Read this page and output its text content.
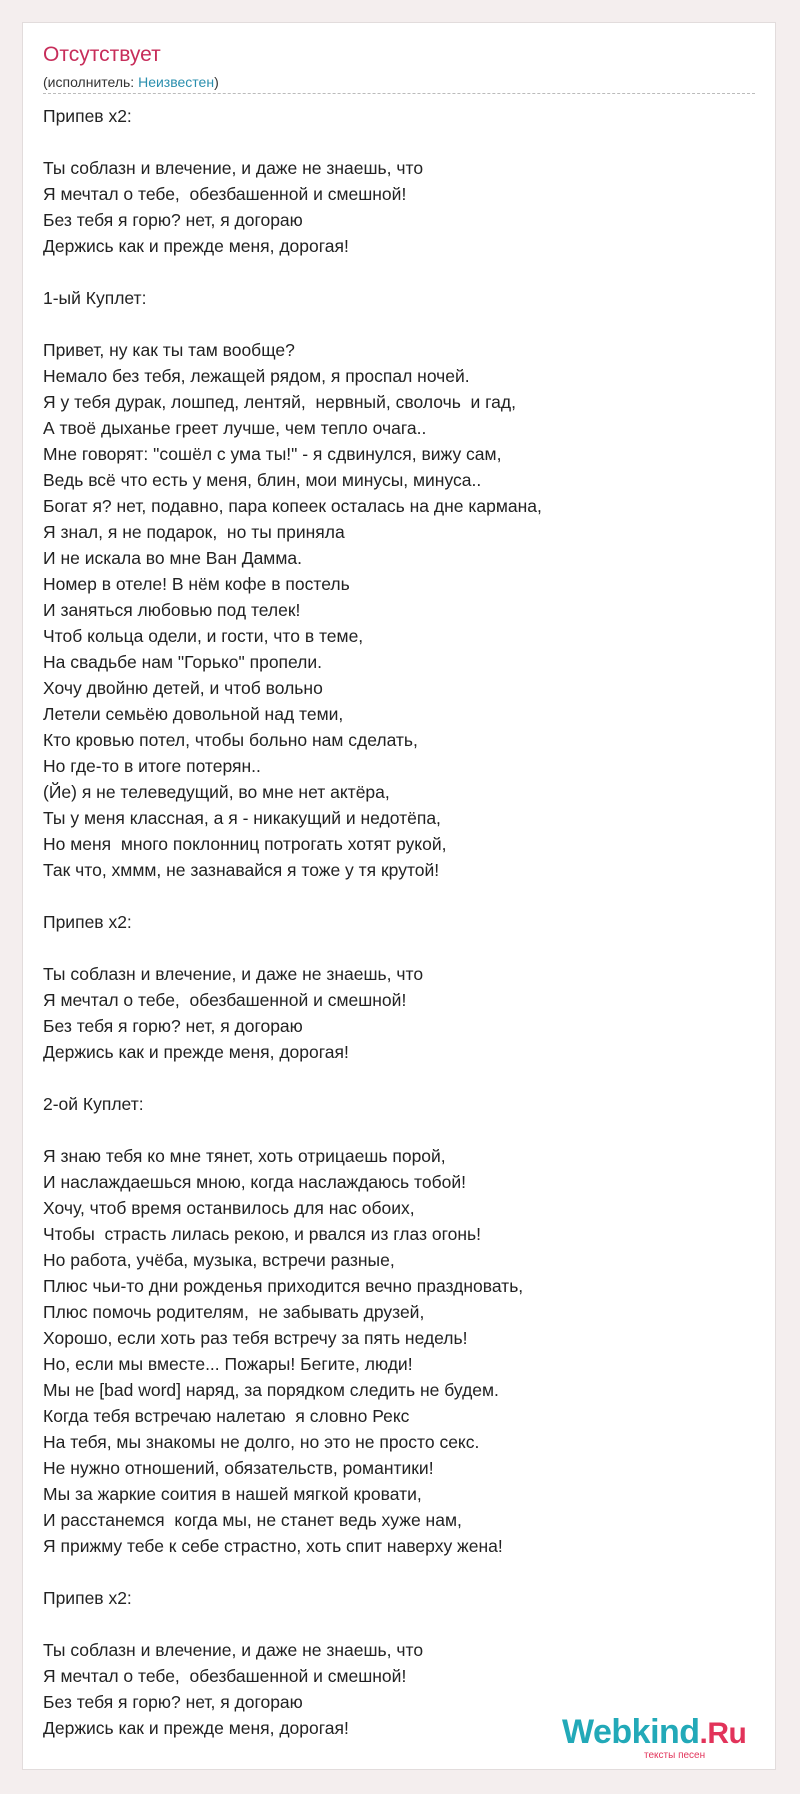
Отсутствует
(исполнитель: Неизвестен)
Припев х2:

Ты соблазн и влечение, и даже не знаешь, что
Я мечтал о тебе,  обезбашенной и смешной!
Без тебя я горю? нет, я догораю
Держись как и прежде меня, дорогая!

1-ый Куплет:

Привет, ну как ты там вообще?
Немало без тебя, лежащей рядом, я проспал ночей.
Я у тебя дурак, лошпед, лентяй,  нервный, сволочь  и гад,
А твоё дыханье греет лучше, чем тепло очага..
Мне говорят: "сошёл с ума ты!" - я сдвинулся, вижу сам,
Ведь всё что есть у меня, блин, мои минусы, минуса..
Богат я? нет, подавно, пара копеек осталась на дне кармана,
Я знал, я не подарок,  но ты приняла
И не искала во мне Ван Дамма.
Номер в отеле! В нём кофе в постель
И заняться любовью под телек!
Чтоб кольца одели, и гости, что в теме,
На свадьбе нам "Горько" пропели.
Хочу двойню детей, и чтоб вольно
Летели семьёю довольной над теми,
Кто кровью потел, чтобы больно нам сделать,
Но где-то в итоге потерян..
(Йе) я не телеведущий, во мне нет актёра,
Ты у меня классная, а я - никакущий и недотёпа,
Но меня  много поклонниц потрогать хотят рукой,
Так что, хммм, не зазнавайся я тоже у тя крутой!

Припев х2:

Ты соблазн и влечение, и даже не знаешь, что
Я мечтал о тебе,  обезбашенной и смешной!
Без тебя я горю? нет, я догораю
Держись как и прежде меня, дорогая!

2-ой Куплет:

Я знаю тебя ко мне тянет, хоть отрицаешь порой,
И наслаждаешься мною, когда наслаждаюсь тобой!
Хочу, чтоб время останвилось для нас обоих,
Чтобы  страсть лилась рекою, и рвался из глаз огонь!
Но работа, учёба, музыка, встречи разные,
Плюс чьи-то дни рожденья приходится вечно праздновать,
Плюс помочь родителям,  не забывать друзей,
Хорошо, если хоть раз тебя встречу за пять недель!
Но, если мы вместе... Пожары! Бегите, люди!
Мы не [bad word] наряд, за порядком следить не будем.
Когда тебя встречаю налетаю  я словно Рекс
На тебя, мы знакомы не долго, но это не просто секс.
Не нужно отношений, обязательств, романтики!
Мы за жаркие соития в нашей мягкой кровати,
И расстанемся  когда мы, не станет ведь хуже нам,
Я прижму тебе к себе страстно, хоть спит наверху жена!

Припев х2:

Ты соблазн и влечение, и даже не знаешь, что
Я мечтал о тебе,  обезбашенной и смешной!
Без тебя я горю? нет, я догораю
Держись как и прежде меня, дорогая!	Webkind.Ru
тексты песен
